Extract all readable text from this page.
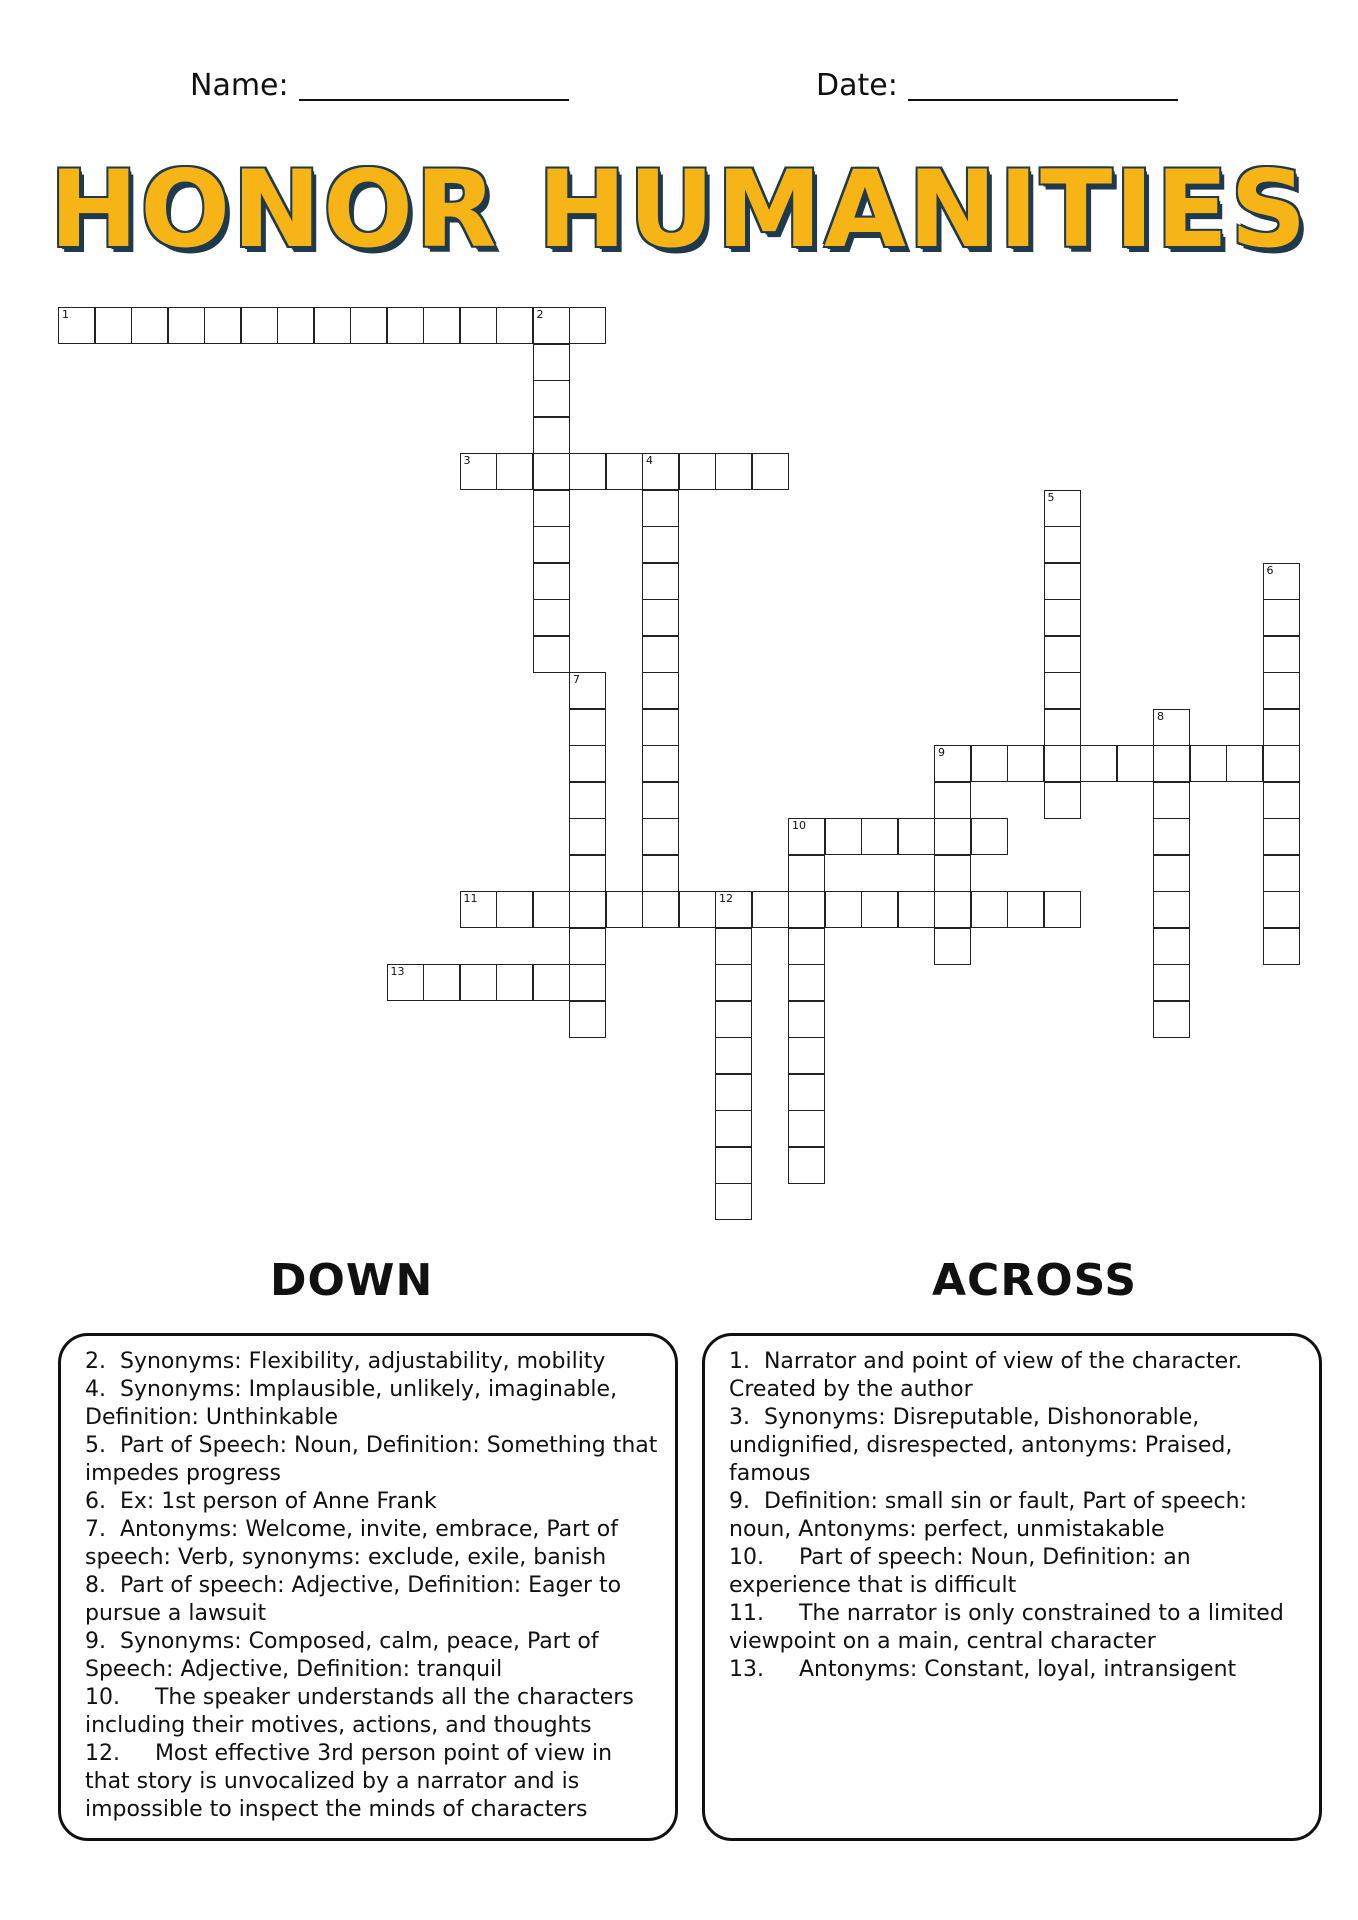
Name:	Date:
HONOR HUMANITIES
1	2
3	4
5
6
7
8
9
10
11	12
13
DOWN	ACROSS
2.  Synonyms: Flexibility, adjustability, mobility
4.  Synonyms: Implausible, unlikely, imaginable, Definition: Unthinkable
5.  Part of Speech: Noun, Definition: Something that impedes progress
6.  Ex: 1st person of Anne Frank
7.  Antonyms: Welcome, invite, embrace, Part of speech: Verb, synonyms: exclude, exile, banish
8.  Part of speech: Adjective, Definition: Eager to pursue a lawsuit
9.  Synonyms: Composed, calm, peace, Part of Speech: Adjective, Definition: tranquil
10.     The speaker understands all the characters including their motives, actions, and thoughts
12.     Most effective 3rd person point of view in that story is unvocalized by a narrator and is impossible to inspect the minds of characters
1.  Narrator and point of view of the character. Created by the author
3.  Synonyms: Disreputable, Dishonorable, undignified, disrespected, antonyms: Praised, famous
9.  Definition: small sin or fault, Part of speech: noun, Antonyms: perfect, unmistakable
10.     Part of speech: Noun, Definition: an experience that is difficult
11.     The narrator is only constrained to a limited viewpoint on a main, central character
13.     Antonyms: Constant, loyal, intransigent
